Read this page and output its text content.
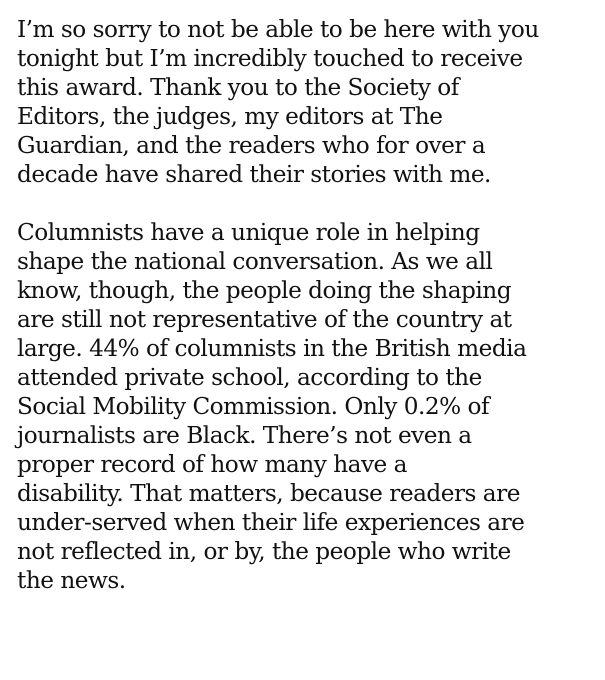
I’m so sorry to not be able to be here with you
tonight but I’m incredibly touched to receive
this award. Thank you to the Society of
Editors, the judges, my editors at The
Guardian, and the readers who for over a
decade have shared their stories with me.

Columnists have a unique role in helping
shape the national conversation. As we all
know, though, the people doing the shaping
are still not representative of the country at
large. 44% of columnists in the British media
attended private school, according to the
Social Mobility Commission. Only 0.2% of
journalists are Black. There’s not even a
proper record of how many have a
disability. That matters, because readers are
under-served when their life experiences are
not reflected in, or by, the people who write
the news.
